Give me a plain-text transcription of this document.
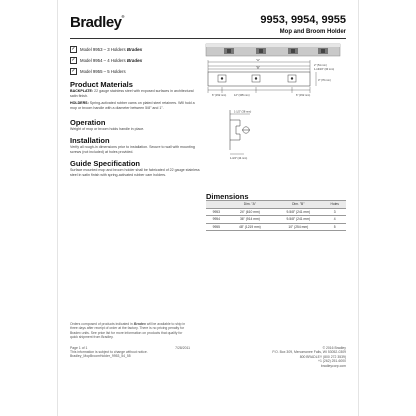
Bradley®	9953, 9954, 9955
Mop and Broom Holder
✓	Model 9953 – 3 Holders Bradex
✓	Model 9954 – 4 Holders Bradex
✓	Model 9955 – 5 Holders
Product Materials
BACKPLATE: 22 gauge stainless steel with exposed surfaces in architectural satin finish.
HOLDERS: Spring-activated rubber cams on plated steel retainers. Will hold a mop or broom handle with a diameter between 5/8" and 1".
Operation
Weight of mop or broom holds handle in place.
Installation
Verify all rough-in dimensions prior to installation. Secure to wall with mounting screws (not included) at holes provided.
Guide Specification
Surface mounted mop and broom holder shall be fabricated of 22 gauge stainless steel in satin finish with spring-activated rubber cam holders.
"A"
"B"	2" (51 mm)
1-13/16" (30 mm)
6" (152 mm)	12" (305 mm)	6" (152 mm)
3" (76 mm)
1-1/2" (38 mm)
1-3/4" (44 mm)
Dimensions
	Dim. "A"	Dim. "B"	Holes
9953	24" (610 mm)	9-5/8" (241 mm)	3
9954	36" (914 mm)	9-5/8" (241 mm)	4
9955	48" (1219 mm)	10" (254 mm)	5
Orders composed of products indicated in Bradex will be available to ship in three days after receipt of order at the factory. There is no pricing penalty for Bradex units. See price list for more information on products that qualify for quick shipment from Bradley.
Page 1 of 1	7/28/2011
This information is subject to change without notice.
Bradley_MopBroomHolder_9953_54_55
© 2016 Bradley
P.O. Box 309, Menomonee Falls, WI 53052-0309
800 BRADLEY (800 272 3539)
+1 (262) 251-6000
bradleycorp.com
